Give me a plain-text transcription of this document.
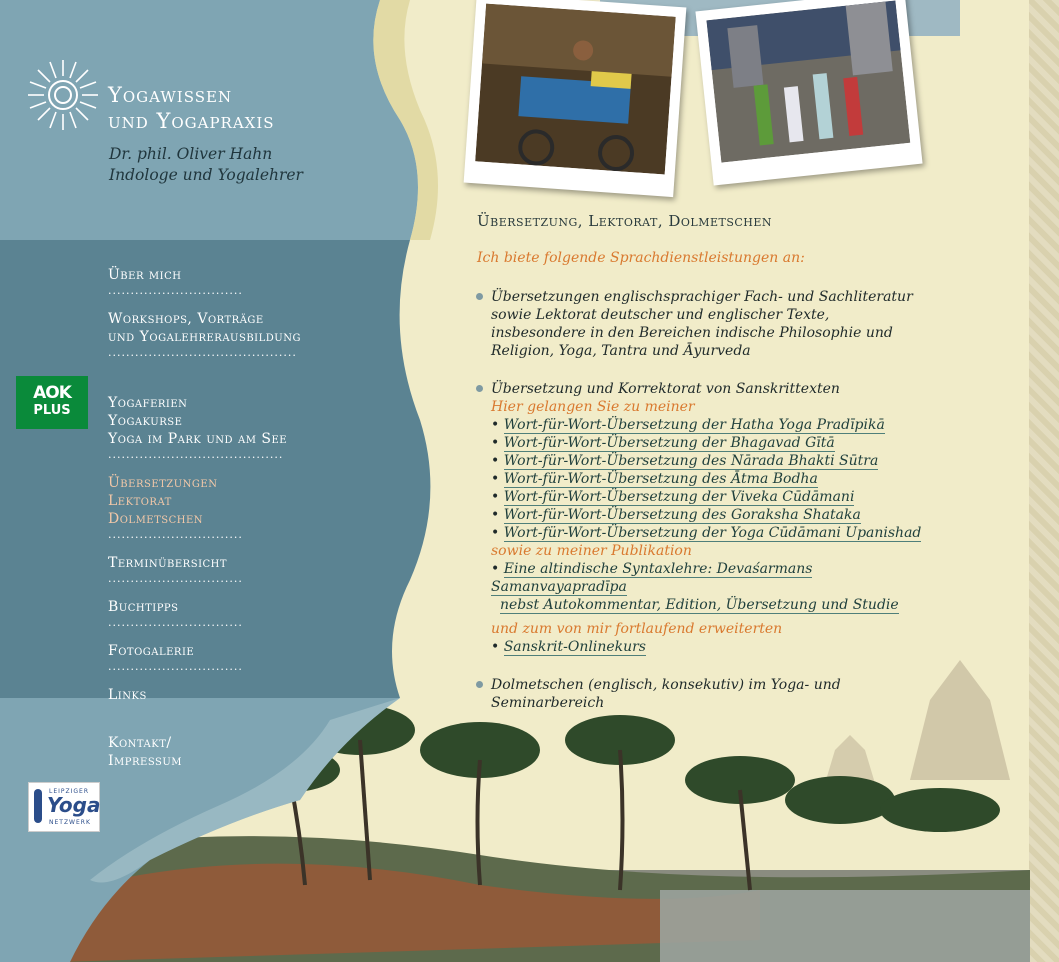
Yogawissen
und Yogapraxis
Dr. phil. Oliver Hahn
Indologe und Yogalehrer
Über mich
..............................
Workshops, Vorträge
und Yogalehrerausbildung
..........................................
Yogaferien
Yogakurse
Yoga im Park und am See
.......................................
Übersetzungen
Lektorat
Dolmetschen
..............................
Terminübersicht
..............................
Buchtipps
..............................
Fotogalerie
..............................
Links
Kontakt/
Impressum
AOK
PLUS
LEIPZIGER
Yoga
NETZWERK
Übersetzung, Lektorat, Dolmetschen
Ich biete folgende Sprachdienstleistungen an:
Übersetzungen englischsprachiger Fach- und Sachliteratur
sowie Lektorat deutscher und englischer Texte,
insbesondere in den Bereichen indische Philosophie und
Religion, Yoga, Tantra und Āyurveda
Übersetzung und Korrektorat von Sanskrittexten
Hier gelangen Sie zu meiner
• Wort-für-Wort-Übersetzung der Hatha Yoga Pradīpikā
• Wort-für-Wort-Übersetzung der Bhagavad Gītā
• Wort-für-Wort-Übersetzung des Nārada Bhakti Sūtra
• Wort-für-Wort-Übersetzung des Ātma Bodha
• Wort-für-Wort-Übersetzung der Viveka Cūdāmani
• Wort-für-Wort-Übersetzung des Goraksha Shataka
• Wort-für-Wort-Übersetzung der Yoga Cūdāmani Upanishad
sowie zu meiner Publikation
• Eine altindische Syntaxlehre: Devaśarmans Samanvayapradīpa
nebst Autokommentar, Edition, Übersetzung und Studie
und zum von mir fortlaufend erweiterten
• Sanskrit-Onlinekurs
Dolmetschen (englisch, konsekutiv) im Yoga- und Seminarbereich
